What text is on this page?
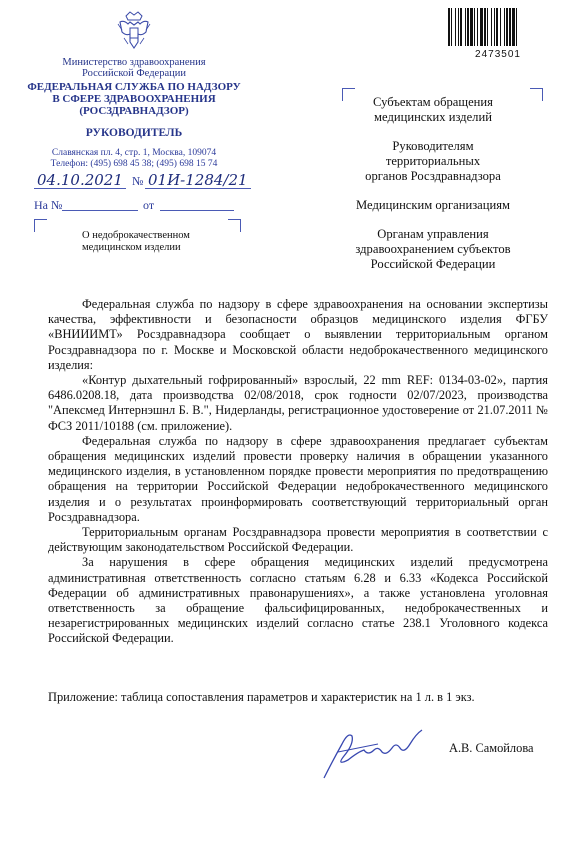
2473501
Министерство здравоохранения
Российской Федерации
ФЕДЕРАЛЬНАЯ СЛУЖБА ПО НАДЗОРУ
В СФЕРЕ ЗДРАВООХРАНЕНИЯ
(РОСЗДРАВНАДЗОР)
РУКОВОДИТЕЛЬ
Славянская пл. 4, стр. 1, Москва, 109074
Телефон: (495) 698 45 38; (495) 698 15 74
04.10.2021 № 01И-1284/21
На №	от
О недоброкачественном
медицинском изделии

Субъектам обращения
медицинских изделий

Руководителям
территориальных
органов Росздравнадзора

Медицинским организациям

Органам управления
здравоохранением субъектов
Российской Федерации

Федеральная служба по надзору в сфере здравоохранения на основании экспертизы качества, эффективности и безопасности образцов медицинского изделия ФГБУ «ВНИИИМТ» Росздравнадзора сообщает о выявлении территориальным органом Росздравнадзора по г. Москве и Московской области недоброкачественного медицинского изделия:

«Контур дыхательный гофрированный» взрослый, 22 mm REF: 0134-03-02», партия 6486.0208.18, дата производства 02/08/2018, срок годности 02/07/2023, производства "Апексмед Интернэшнл Б. В.", Нидерланды, регистрационное удостоверение от 21.07.2011 № ФСЗ 2011/10188 (см. приложение).

Федеральная служба по надзору в сфере здравоохранения предлагает субъектам обращения медицинских изделий провести проверку наличия в обращении указанного медицинского изделия, в установленном порядке провести мероприятия по предотвращению обращения на территории Российской Федерации недоброкачественного медицинского изделия и о результатах проинформировать соответствующий территориальный орган Росздравнадзора.

Территориальным органам Росздравнадзора провести мероприятия в соответствии с действующим законодательством Российской Федерации.

За нарушения в сфере обращения медицинских изделий предусмотрена административная ответственность согласно статьям 6.28 и 6.33 «Кодекса Российской Федерации об административных правонарушениях», а также установлена уголовная ответственность за обращение фальсифицированных, недоброкачественных и незарегистрированных медицинских изделий согласно статье 238.1 Уголовного кодекса Российской Федерации.

Приложение: таблица сопоставления параметров и характеристик на 1 л. в 1 экз.
А.В. Самойлова
